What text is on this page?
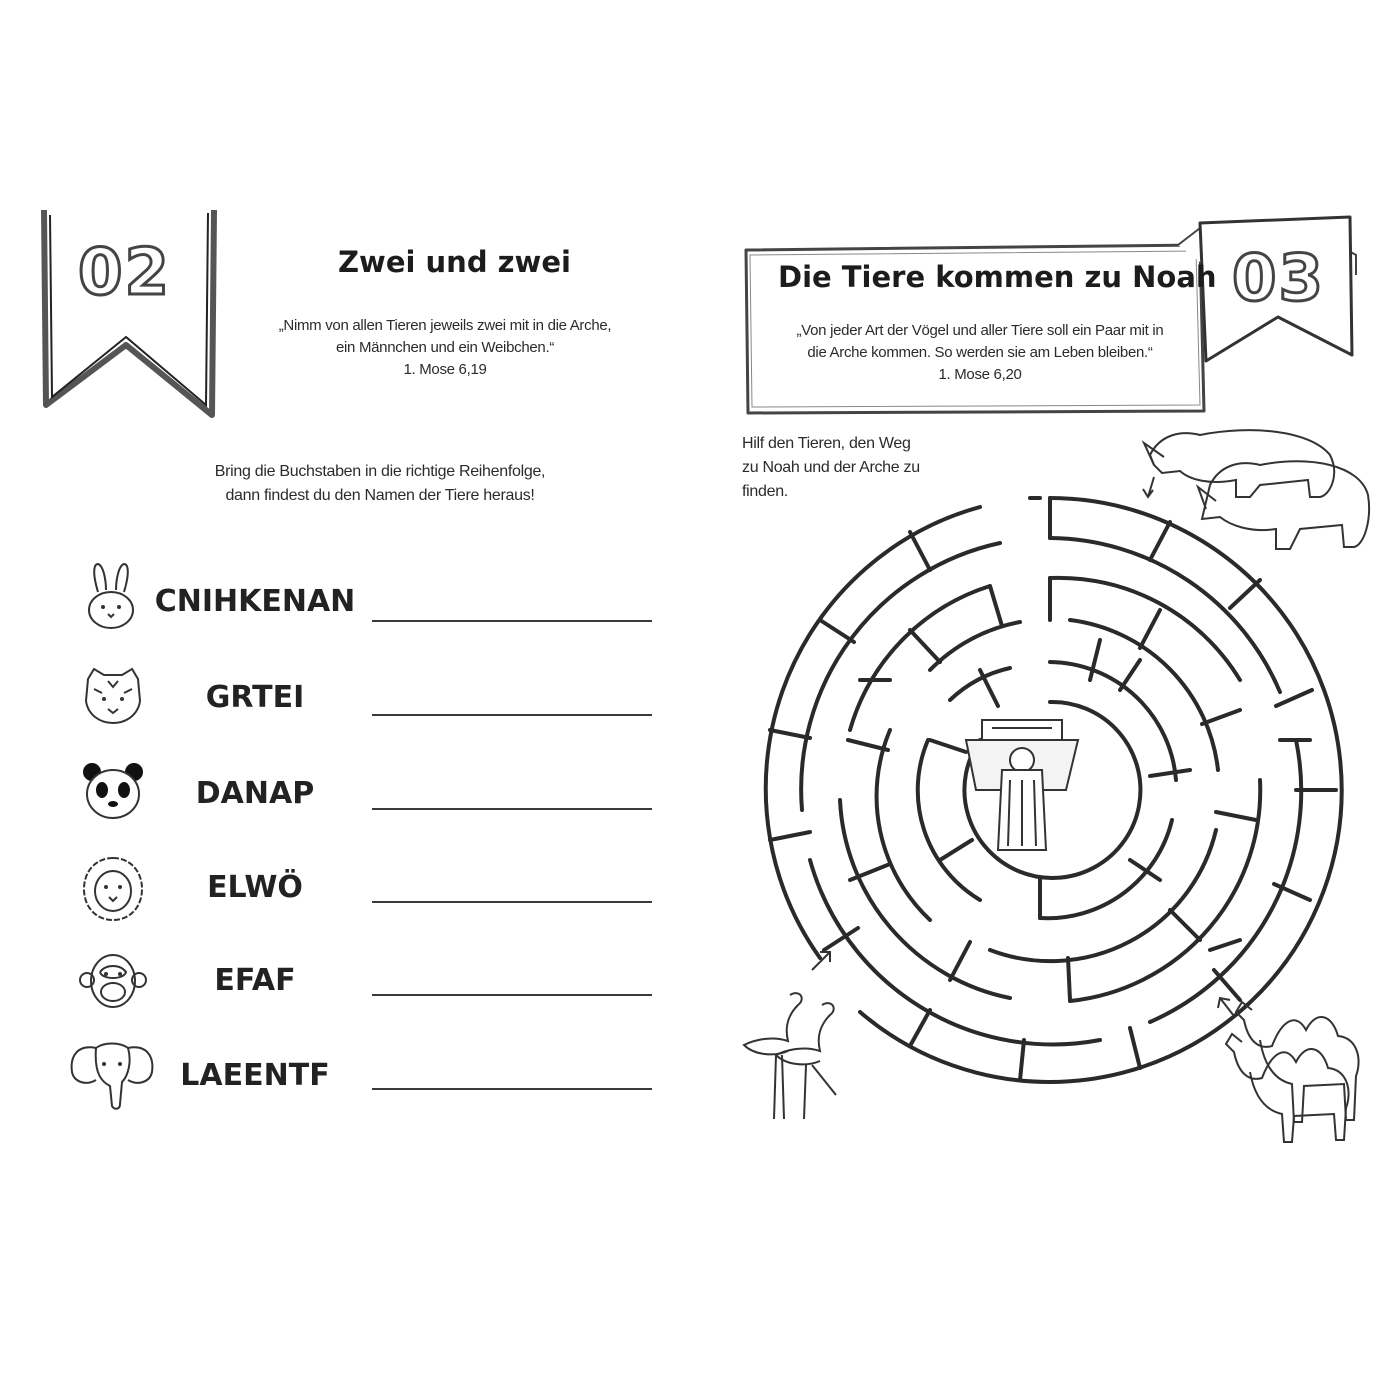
02	Zwei und zwei
„Nimm von allen Tieren jeweils zwei mit in die Arche,
ein Männchen und ein Weibchen.“
1. Mose 6,19
Bring die Buchstaben in die richtige Reihenfolge,
dann findest du den Namen der Tiere heraus!
CNIHKENAN
GRTEI
DANAP
ELWÖ
EFAF
LAEENTF
Die Tiere kommen zu Noah 03
„Von jeder Art der Vögel und aller Tiere soll ein Paar mit in
die Arche kommen. So werden sie am Leben bleiben.“
1. Mose 6,20
Hilf den Tieren, den Weg
zu Noah und der Arche zu
finden.
